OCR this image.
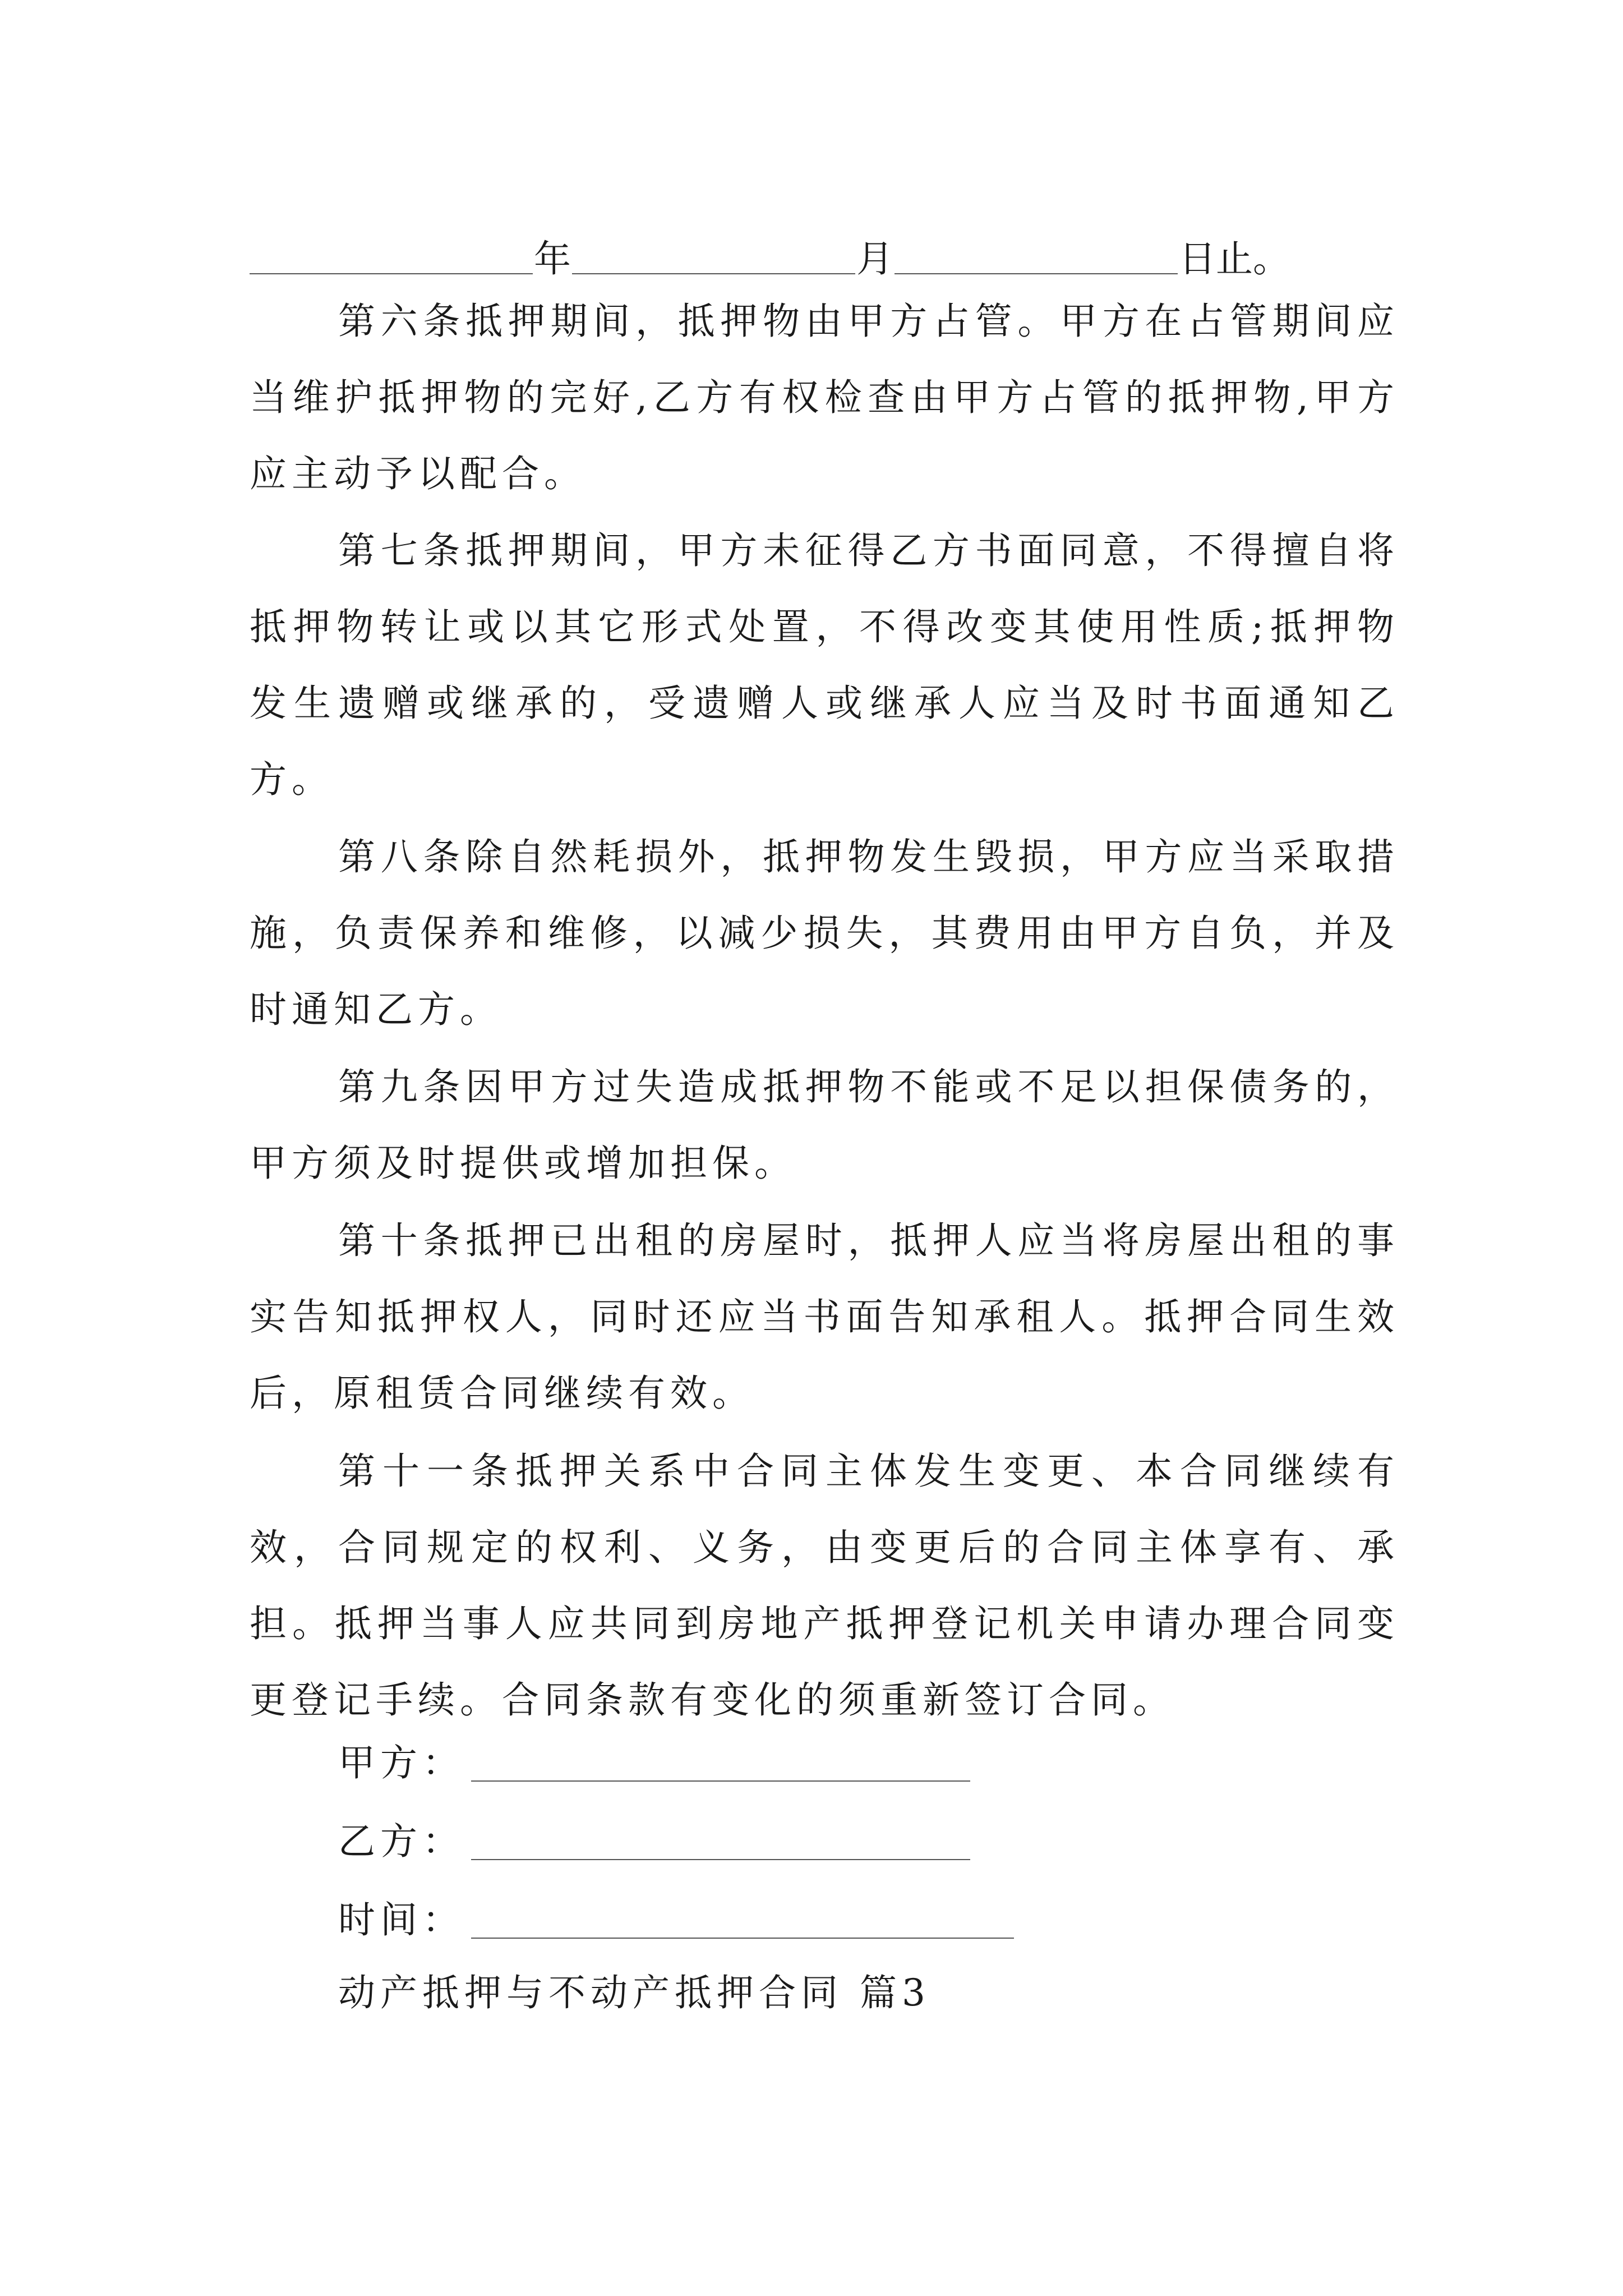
年	月	日止。

第六条抵押期间，抵押物由甲方占管。甲方在占管期间应当维护抵押物的完好,乙方有权检查由甲方占管的抵押物,甲方应主动予以配合。

第七条抵押期间，甲方未征得乙方书面同意，不得擅自将抵押物转让或以其它形式处置，不得改变其使用性质;抵押物发生遗赠或继承的，受遗赠人或继承人应当及时书面通知乙方。

第八条除自然耗损外，抵押物发生毁损，甲方应当采取措施，负责保养和维修，以减少损失，其费用由甲方自负，并及时通知乙方。

第九条因甲方过失造成抵押物不能或不足以担保债务的，甲方须及时提供或增加担保。

第十条抵押已出租的房屋时，抵押人应当将房屋出租的事实告知抵押权人，同时还应当书面告知承租人。抵押合同生效后，原租赁合同继续有效。

第十一条抵押关系中合同主体发生变更、本合同继续有效，合同规定的权利、义务，由变更后的合同主体享有、承担。抵押当事人应共同到房地产抵押登记机关申请办理合同变更登记手续。合同条款有变化的须重新签订合同。

甲方：
乙方：
时间：
动产抵押与不动产抵押合同 篇3
